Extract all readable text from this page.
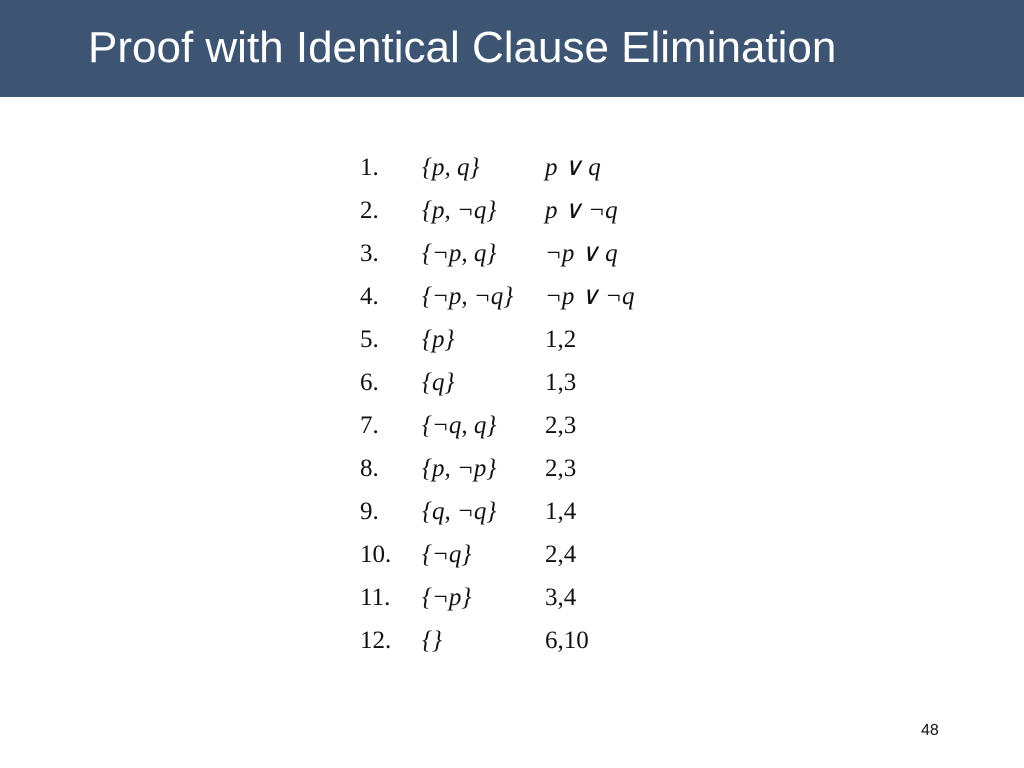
Proof with Identical Clause Elimination
1. {p, q}	p ∨ q
2. {p, ¬q} p ∨ ¬q
3. {¬p, q} ¬p ∨ q
4. {¬p, ¬q} ¬p ∨ ¬q
5. {p}	1,2
6. {q}	1,3
7. {¬q, q} 2,3
8. {p, ¬p} 2,3
9. {q, ¬q} 1,4
10. {¬q}	2,4
11. {¬p}	3,4
12. {}	6,10
48
